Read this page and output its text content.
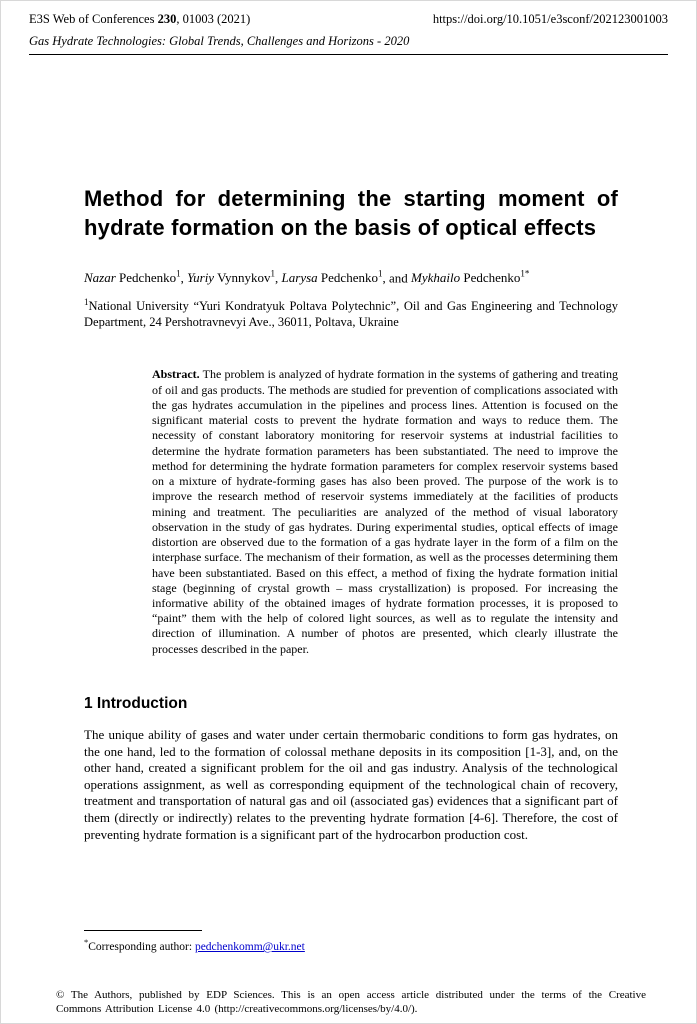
E3S Web of Conferences 230, 01003 (2021)	https://doi.org/10.1051/e3sconf/202123001003
Gas Hydrate Technologies: Global Trends, Challenges and Horizons - 2020
Method for determining the starting moment of hydrate formation on the basis of optical effects

Nazar Pedchenko$^1$, Yuriy Vynnykov$^1$, Larysa Pedchenko$^1$, and Mykhailo Pedchenko$^{1*}$

$^1$National University “Yuri Kondratyuk Poltava Polytechnic”, Oil and Gas Engineering and Technology Department, 24 Pershotravnevyi Ave., 36011, Poltava, Ukraine

Abstract. The problem is analyzed of hydrate formation in the systems of gathering and treating of oil and gas products. The methods are studied for prevention of complications associated with the gas hydrates accumulation in the pipelines and process lines. Attention is focused on the significant material costs to prevent the hydrate formation and ways to reduce them. The necessity of constant laboratory monitoring for reservoir systems at industrial facilities to determine the hydrate formation parameters has been substantiated. The need to improve the method for determining the hydrate formation parameters for complex reservoir systems based on a mixture of hydrate-forming gases has also been proved. The purpose of the work is to improve the research method of reservoir systems immediately at the facilities of products mining and treatment. The peculiarities are analyzed of the method of visual laboratory observation in the study of gas hydrates. During experimental studies, optical effects of image distortion are observed due to the formation of a gas hydrate layer in the form of a film on the interphase surface. The mechanism of their formation, as well as the processes determining them have been substantiated. Based on this effect, a method of fixing the hydrate formation initial stage (beginning of crystal growth – mass crystallization) is proposed. For increasing the informative ability of the obtained images of hydrate formation processes, it is proposed to “paint” them with the help of colored light sources, as well as to regulate the intensity and direction of illumination. A number of photos are presented, which clearly illustrate the processes described in the paper.

1 Introduction

The unique ability of gases and water under certain thermobaric conditions to form gas hydrates, on the one hand, led to the formation of colossal methane deposits in its composition [1-3], and, on the other hand, created a significant problem for the oil and gas industry. Analysis of the technological operations assignment, as well as corresponding equipment of the technological chain of recovery, treatment and transportation of natural gas and oil (associated gas) evidences that a significant part of them (directly or indirectly) relates to the preventing hydrate formation [4-6]. Therefore, the cost of preventing hydrate formation is a significant part of the hydrocarbon production cost.

*Corresponding author: pedchenkomm@ukr.net

© The Authors, published by EDP Sciences. This is an open access article distributed under the terms of the Creative Commons Attribution License 4.0 (http://creativecommons.org/licenses/by/4.0/).
